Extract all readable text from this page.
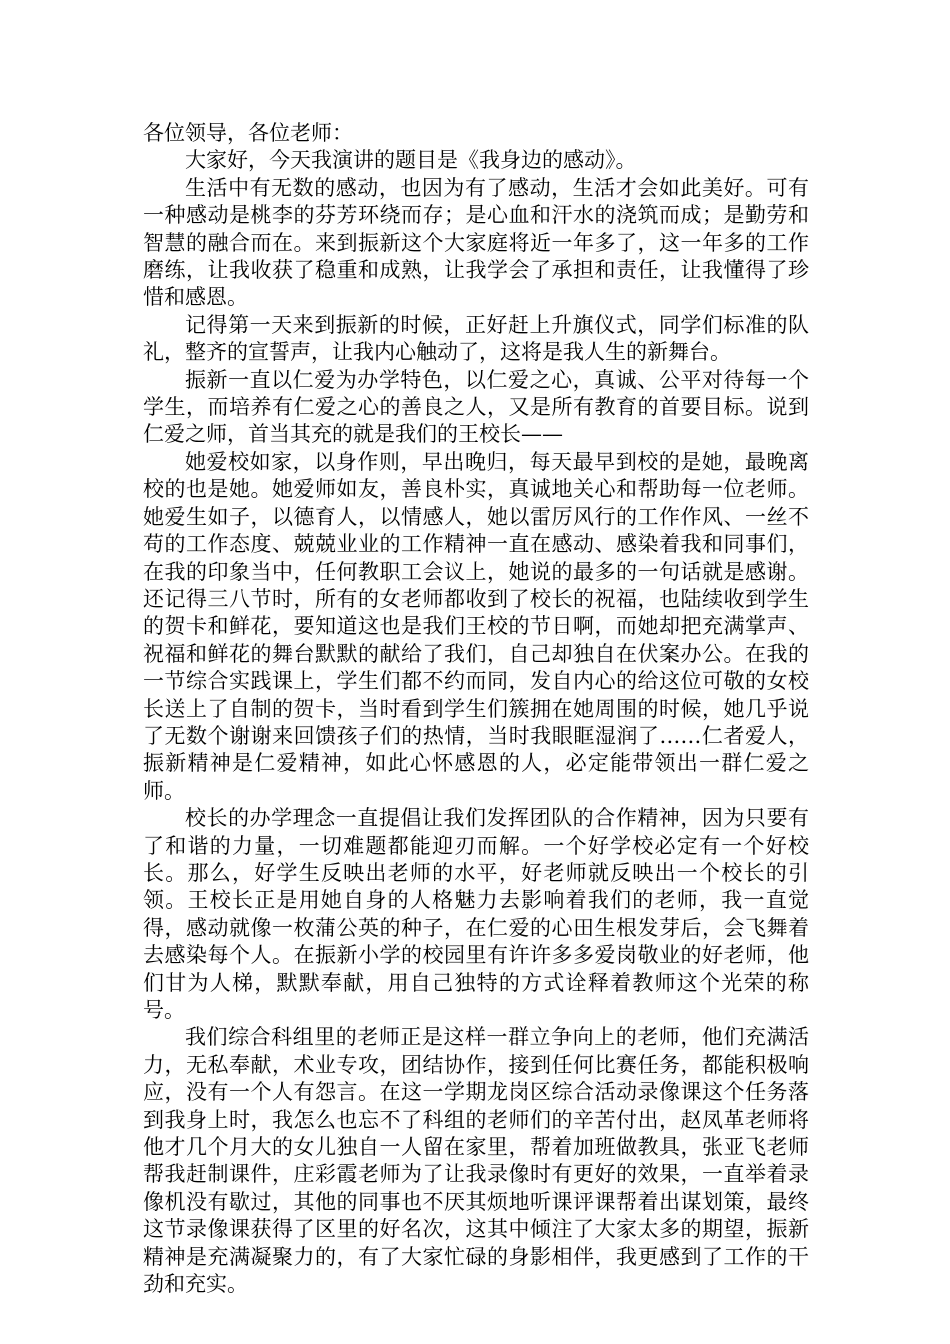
各位领导，各位老师：

大家好，今天我演讲的题目是《我身边的感动》。

生活中有无数的感动，也因为有了感动，生活才会如此美好。可有一种感动是桃李的芬芳环绕而存；是心血和汗水的浇筑而成；是勤劳和智慧的融合而在。来到振新这个大家庭将近一年多了，这一年多的工作磨练，让我收获了稳重和成熟，让我学会了承担和责任，让我懂得了珍惜和感恩。

记得第一天来到振新的时候，正好赶上升旗仪式，同学们标准的队礼，整齐的宣誓声，让我内心触动了，这将是我人生的新舞台。

振新一直以仁爱为办学特色，以仁爱之心，真诚、公平对待每一个学生，而培养有仁爱之心的善良之人，又是所有教育的首要目标。说到仁爱之师，首当其充的就是我们的王校长——

她爱校如家，以身作则，早出晚归，每天最早到校的是她，最晚离校的也是她。她爱师如友，善良朴实，真诚地关心和帮助每一位老师。她爱生如子，以德育人，以情感人，她以雷厉风行的工作作风、一丝不苟的工作态度、兢兢业业的工作精神一直在感动、感染着我和同事们，在我的印象当中，任何教职工会议上，她说的最多的一句话就是感谢。还记得三八节时，所有的女老师都收到了校长的祝福，也陆续收到学生的贺卡和鲜花，要知道这也是我们王校的节日啊，而她却把充满掌声、祝福和鲜花的舞台默默的献给了我们，自己却独自在伏案办公。在我的一节综合实践课上，学生们都不约而同，发自内心的给这位可敬的女校长送上了自制的贺卡，当时看到学生们簇拥在她周围的时候，她几乎说了无数个谢谢来回馈孩子们的热情，当时我眼眶湿润了……仁者爱人，振新精神是仁爱精神，如此心怀感恩的人，必定能带领出一群仁爱之师。

校长的办学理念一直提倡让我们发挥团队的合作精神，因为只要有了和谐的力量，一切难题都能迎刃而解。一个好学校必定有一个好校长。那么，好学生反映出老师的水平，好老师就反映出一个校长的引领。王校长正是用她自身的人格魅力去影响着我们的老师，我一直觉得，感动就像一枚蒲公英的种子，在仁爱的心田生根发芽后，会飞舞着去感染每个人。在振新小学的校园里有许许多多爱岗敬业的好老师，他们甘为人梯，默默奉献，用自己独特的方式诠释着教师这个光荣的称号。

我们综合科组里的老师正是这样一群立争向上的老师，他们充满活力，无私奉献，术业专攻，团结协作，接到任何比赛任务，都能积极响应，没有一个人有怨言。在这一学期龙岗区综合活动录像课这个任务落到我身上时，我怎么也忘不了科组的老师们的辛苦付出，赵凤革老师将他才几个月大的女儿独自一人留在家里，帮着加班做教具，张亚飞老师帮我赶制课件，庄彩霞老师为了让我录像时有更好的效果，一直举着录像机没有歇过，其他的同事也不厌其烦地听课评课帮着出谋划策，最终这节录像课获得了区里的好名次，这其中倾注了大家太多的期望，振新精神是充满凝聚力的，有了大家忙碌的身影相伴，我更感到了工作的干劲和充实。
